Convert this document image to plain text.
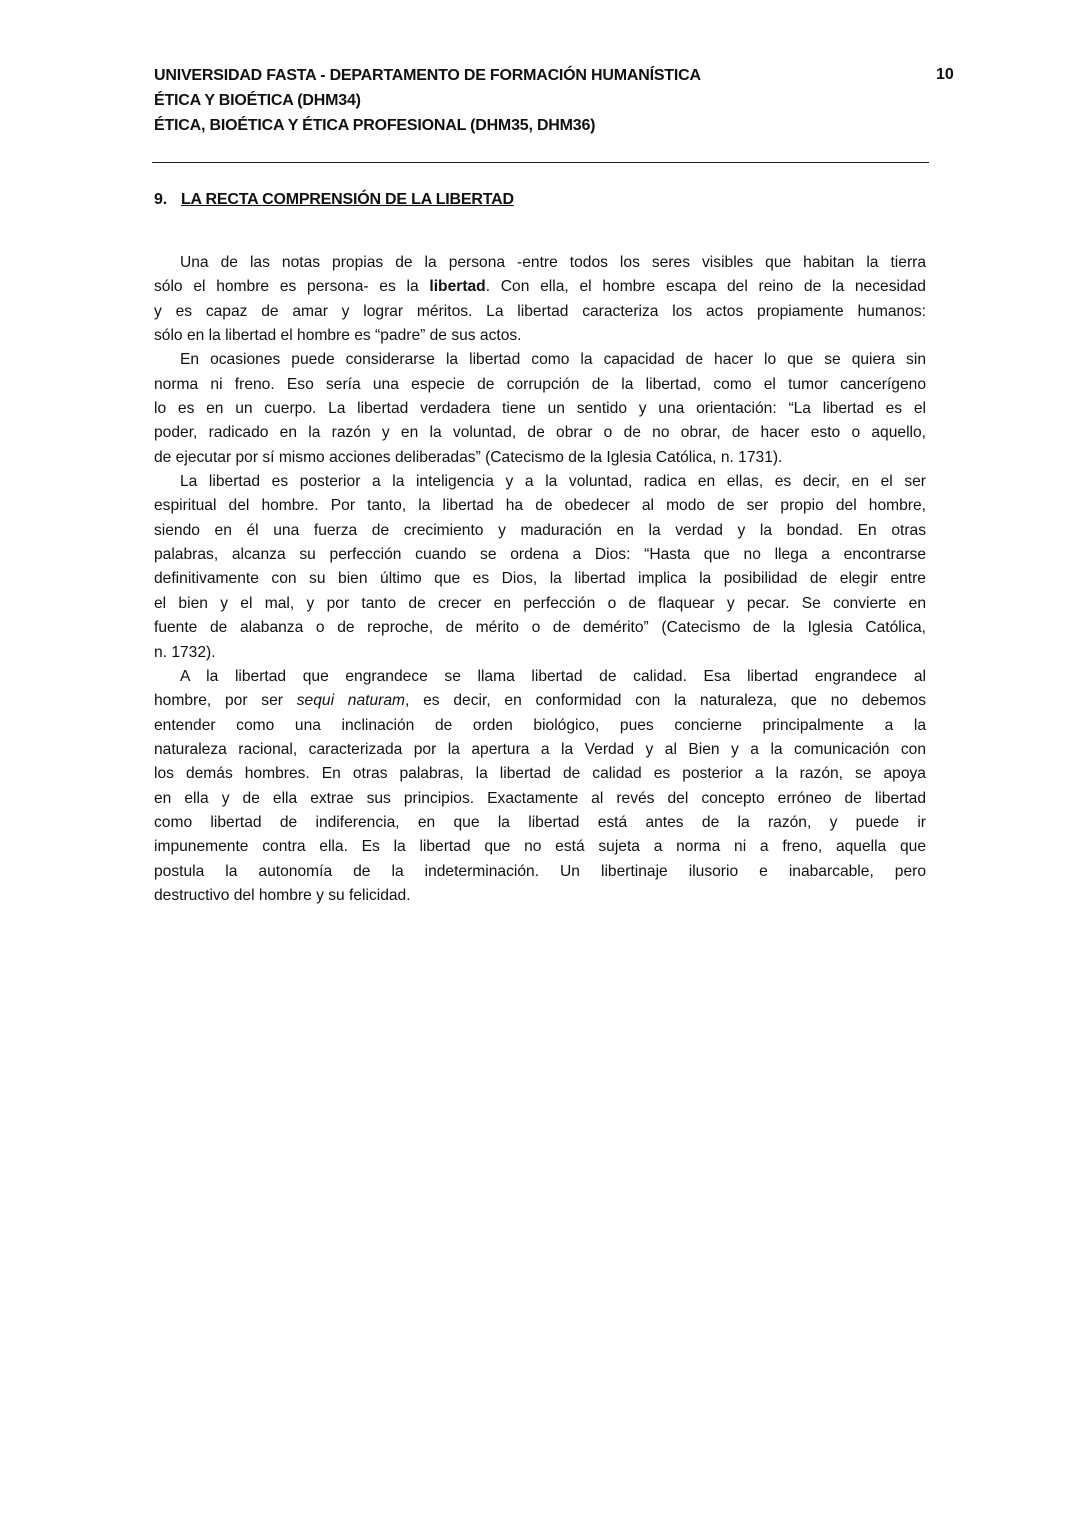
UNIVERSIDAD FASTA - DEPARTAMENTO DE FORMACIÓN HUMANÍSTICA
ÉTICA Y BIOÉTICA (DHM34)
ÉTICA, BIOÉTICA Y ÉTICA PROFESIONAL (DHM35, DHM36)
10
9. LA RECTA COMPRENSIÓN DE LA LIBERTAD
Una de las notas propias de la persona -entre todos los seres visibles que habitan la tierra
sólo el hombre es persona- es la libertad. Con ella, el hombre escapa del reino de la necesidad
y es capaz de amar y lograr méritos. La libertad caracteriza los actos propiamente humanos:
sólo en la libertad el hombre es “padre” de sus actos.
En ocasiones puede considerarse la libertad como la capacidad de hacer lo que se quiera sin
norma ni freno. Eso sería una especie de corrupción de la libertad, como el tumor cancerígeno
lo es en un cuerpo. La libertad verdadera tiene un sentido y una orientación: “La libertad es el
poder, radicado en la razón y en la voluntad, de obrar o de no obrar, de hacer esto o aquello,
de ejecutar por sí mismo acciones deliberadas” (Catecismo de la Iglesia Católica, n. 1731).
La libertad es posterior a la inteligencia y a la voluntad, radica en ellas, es decir, en el ser
espiritual del hombre. Por tanto, la libertad ha de obedecer al modo de ser propio del hombre,
siendo en él una fuerza de crecimiento y maduración en la verdad y la bondad. En otras
palabras, alcanza su perfección cuando se ordena a Dios: “Hasta que no llega a encontrarse
definitivamente con su bien último que es Dios, la libertad implica la posibilidad de elegir entre
el bien y el mal, y por tanto de crecer en perfección o de flaquear y pecar. Se convierte en
fuente de alabanza o de reproche, de mérito o de demérito” (Catecismo de la Iglesia Católica,
n. 1732).
A la libertad que engrandece se llama libertad de calidad. Esa libertad engrandece al
hombre, por ser sequi naturam, es decir, en conformidad con la naturaleza, que no debemos
entender como una inclinación de orden biológico, pues concierne principalmente a la
naturaleza racional, caracterizada por la apertura a la Verdad y al Bien y a la comunicación con
los demás hombres. En otras palabras, la libertad de calidad es posterior a la razón, se apoya
en ella y de ella extrae sus principios. Exactamente al revés del concepto erróneo de libertad
como libertad de indiferencia, en que la libertad está antes de la razón, y puede ir
impunemente contra ella. Es la libertad que no está sujeta a norma ni a freno, aquella que
postula la autonomía de la indeterminación. Un libertinaje ilusorio e inabarcable, pero
destructivo del hombre y su felicidad.
